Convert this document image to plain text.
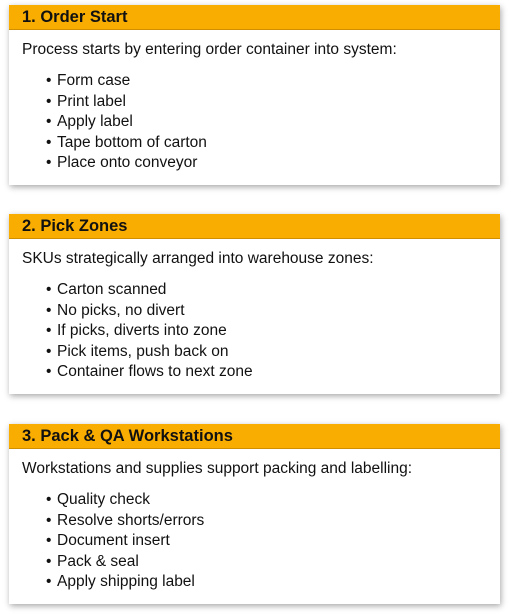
1. Order Start
Process starts by entering order container into system:
• Form case
• Print label
• Apply label
• Tape bottom of carton
• Place onto conveyor
2. Pick Zones
SKUs strategically arranged into warehouse zones:
• Carton scanned
• No picks, no divert
• If picks, diverts into zone
• Pick items, push back on
• Container flows to next zone
3. Pack & QA Workstations
Workstations and supplies support packing and labelling:
• Quality check
• Resolve shorts/errors
• Document insert
• Pack & seal
• Apply shipping label
